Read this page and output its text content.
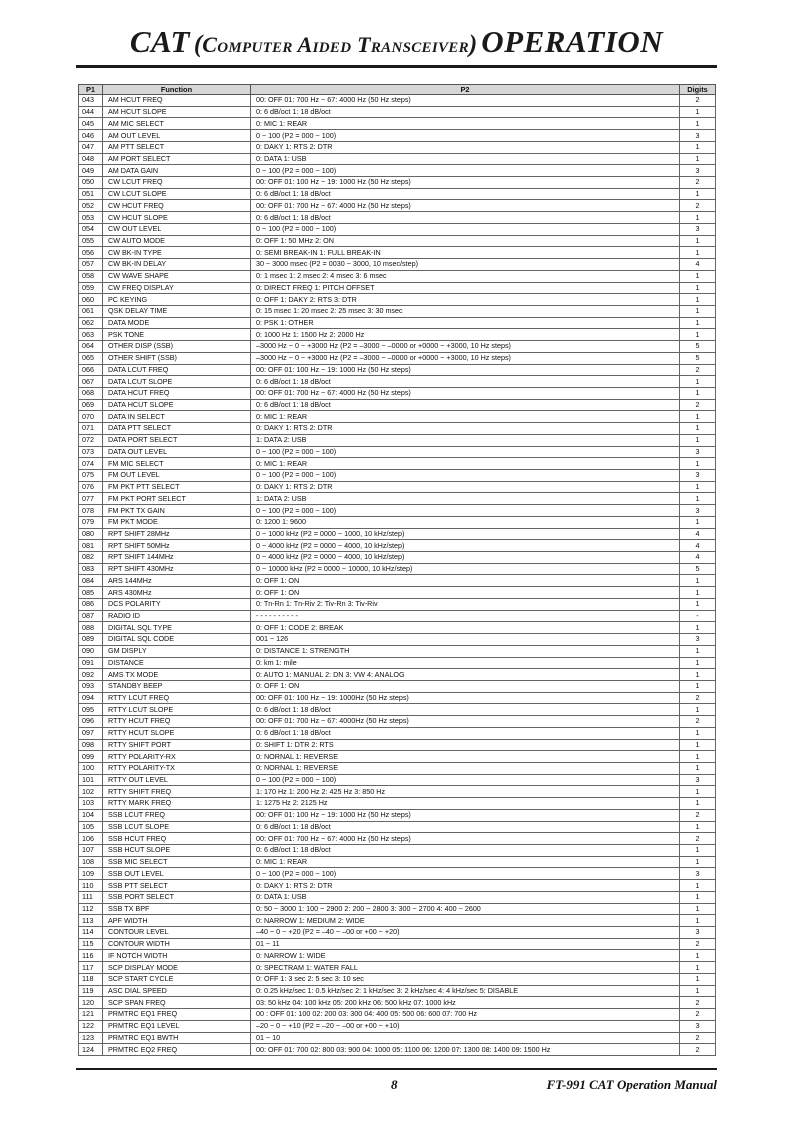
CAT (Computer Aided Transceiver) OPERATION
P1	Function	P2	Digits
043	AM HCUT FREQ	00: OFF 01: 700 Hz ~ 67: 4000 Hz (50 Hz steps)	2
044	AM HCUT SLOPE	0: 6 dB/oct 1: 18 dB/oct	1
045	AM MIC SELECT	0: MIC 1: REAR	1
046	AM OUT LEVEL	0 ~ 100 (P2 = 000 ~ 100)	3
047	AM PTT SELECT	0: DAKY 1: RTS 2: DTR	1
048	AM PORT SELECT	0: DATA 1: USB	1
049	AM DATA GAIN	0 ~ 100 (P2 = 000 ~ 100)	3
050	CW LCUT FREQ	00: OFF 01: 100 Hz ~ 19: 1000 Hz (50 Hz steps)	2
051	CW LCUT SLOPE	0: 6 dB/oct 1: 18 dB/oct	1
052	CW HCUT FREQ	00: OFF 01: 700 Hz ~ 67: 4000 Hz (50 Hz steps)	2
053	CW HCUT SLOPE	0: 6 dB/oct 1: 18 dB/oct	1
054	CW OUT LEVEL	0 ~ 100 (P2 = 000 ~ 100)	3
055	CW AUTO MODE	0: OFF 1: 50 MHz 2: ON	1
056	CW BK-IN TYPE	0: SEMI BREAK-IN 1: FULL BREAK-IN	1
057	CW BK-IN DELAY	30 ~ 3000 msec (P2 = 0030 ~ 3000, 10 msec/step)	4
058	CW WAVE SHAPE	0: 1 msec 1: 2 msec 2: 4 msec 3: 6 msec	1
059	CW FREQ DISPLAY	0: DIRECT FREQ 1: PITCH OFFSET	1
060	PC KEYING	0: OFF 1: DAKY 2: RTS 3: DTR	1
061	QSK DELAY TIME	0: 15 msec 1: 20 msec 2: 25 msec 3: 30 msec	1
062	DATA MODE	0: PSK 1: OTHER	1
063	PSK TONE	0: 1000 Hz 1: 1500 Hz 2: 2000 Hz	1
064	OTHER DISP (SSB)	–3000 Hz ~ 0 ~ +3000 Hz (P2 = –3000 ~ –0000 or +0000 ~ +3000, 10 Hz steps)	5
065	OTHER SHIFT (SSB)	–3000 Hz ~ 0 ~ +3000 Hz (P2 = –3000 ~ –0000 or +0000 ~ +3000, 10 Hz steps)	5
066	DATA LCUT FREQ	00: OFF 01: 100 Hz ~ 19: 1000 Hz (50 Hz steps)	2
067	DATA LCUT SLOPE	0: 6 dB/oct 1: 18 dB/oct	1
068	DATA HCUT FREQ	00: OFF 01: 700 Hz ~ 67: 4000 Hz (50 Hz steps)	1
069	DATA HCUT SLOPE	0: 6 dB/oct 1: 18 dB/oct	2
070	DATA IN SELECT	0: MIC 1: REAR	1
071	DATA PTT SELECT	0: DAKY 1: RTS 2: DTR	1
072	DATA PORT SELECT	1: DATA 2: USB	1
073	DATA OUT LEVEL	0 ~ 100 (P2 = 000 ~ 100)	3
074	FM MIC SELECT	0: MIC 1: REAR	1
075	FM OUT LEVEL	0 ~ 100 (P2 = 000 ~ 100)	3
076	FM PKT PTT SELECT	0: DAKY 1: RTS 2: DTR	1
077	FM PKT PORT SELECT	1: DATA 2: USB	1
078	FM PKT TX GAIN	0 ~ 100 (P2 = 000 ~ 100)	3
079	FM PKT MODE	0: 1200 1: 9600	1
080	RPT SHIFT 28MHz	0 ~ 1000 kHz (P2 = 0000 ~ 1000, 10 kHz/step)	4
081	RPT SHIFT 50MHz	0 ~ 4000 kHz (P2 = 0000 ~ 4000, 10 kHz/step)	4
082	RPT SHIFT 144MHz	0 ~ 4000 kHz (P2 = 0000 ~ 4000, 10 kHz/step)	4
083	RPT SHIFT 430MHz	0 ~ 10000 kHz (P2 = 0000 ~ 10000, 10 kHz/step)	5
084	ARS 144MHz	0: OFF 1: ON	1
085	ARS 430MHz	0: OFF 1: ON	1
086	DCS POLARITY	0: Tn-Rn 1: Tn-Riv 2: Tiv-Rn 3: Tiv-Riv	1
087	RADIO ID	- - - - - - - - - -	-
088	DIGITAL SQL TYPE	0: OFF 1: CODE 2: BREAK	1
089	DIGITAL SQL CODE	001 ~ 126	3
090	GM DISPLY	0: DISTANCE 1: STRENGTH	1
091	DISTANCE	0: km 1: mile	1
092	AMS TX MODE	0: AUTO 1: MANUAL 2: DN 3: VW 4: ANALOG	1
093	STANDBY BEEP	0: OFF 1: ON	1
094	RTTY LCUT FREQ	00: OFF 01: 100 Hz ~ 19: 1000Hz (50 Hz steps)	2
095	RTTY LCUT SLOPE	0: 6 dB/oct 1: 18 dB/oct	1
096	RTTY HCUT FREQ	00: OFF 01: 700 Hz ~ 67: 4000Hz (50 Hz steps)	2
097	RTTY HCUT SLOPE	0: 6 dB/oct 1: 18 dB/oct	1
098	RTTY SHIFT PORT	0: SHIFT 1: DTR 2: RTS	1
099	RTTY POLARITY-RX	0: NORNAL 1: REVERSE	1
100	RTTY POLARITY-TX	0: NORNAL 1: REVERSE	1
101	RTTY OUT LEVEL	0 ~ 100 (P2 = 000 ~ 100)	3
102	RTTY SHIFT FREQ	1: 170 Hz 1: 200 Hz 2: 425 Hz 3: 850 Hz	1
103	RTTY MARK FREQ	1: 1275 Hz 2: 2125 Hz	1
104	SSB LCUT FREQ	00: OFF 01: 100 Hz ~ 19: 1000 Hz (50 Hz steps)	2
105	SSB LCUT SLOPE	0: 6 dB/oct 1: 18 dB/oct	1
106	SSB HCUT FREQ	00: OFF 01: 700 Hz ~ 67: 4000 Hz (50 Hz steps)	2
107	SSB HCUT SLOPE	0: 6 dB/oct 1: 18 dB/oct	1
108	SSB MIC SELECT	0: MIC 1: REAR	1
109	SSB OUT LEVEL	0 ~ 100 (P2 = 000 ~ 100)	3
110	SSB PTT SELECT	0: DAKY 1: RTS 2: DTR	1
111	SSB PORT SELECT	0: DATA 1: USB	1
112	SSB TX BPF	0: 50 ~ 3000 1: 100 ~ 2900 2: 200 ~ 2800 3: 300 ~ 2700 4: 400 ~ 2600	1
113	APF WIDTH	0: NARROW 1: MEDIUM 2: WIDE	1
114	CONTOUR LEVEL	–40 ~ 0 ~ +20 (P2 = –40 ~ –00 or +00 ~ +20)	3
115	CONTOUR WIDTH	01 ~ 11	2
116	IF NOTCH WIDTH	0: NARROW 1: WIDE	1
117	SCP DISPLAY MODE	0: SPECTRAM 1: WATER FALL	1
118	SCP START CYCLE	0: OFF 1: 3 sec 2: 5 sec 3: 10 sec	1
119	ASC DIAL SPEED	0: 0.25 kHz/sec 1: 0.5 kHz/sec 2: 1 kHz/sec 3: 2 kHz/sec 4: 4 kHz/sec 5: DISABLE	1
120	SCP SPAN FREQ	03: 50 kHz 04: 100 kHz 05: 200 kHz 06: 500 kHz 07: 1000 kHz	2
121	PRMTRC EQ1 FREQ	00 : OFF 01: 100 02: 200 03: 300 04: 400 05: 500 06: 600 07: 700 Hz	2
122	PRMTRC EQ1 LEVEL	–20 ~ 0 ~ +10 (P2 = –20 ~ –00 or +00 ~ +10)	3
123	PRMTRC EQ1 BWTH	01 ~ 10	2
124	PRMTRC EQ2 FREQ	00: OFF 01: 700 02: 800 03: 900 04: 1000 05: 1100 06: 1200 07: 1300 08: 1400 09: 1500 Hz	2
8	FT-991 CAT Operation Manual
